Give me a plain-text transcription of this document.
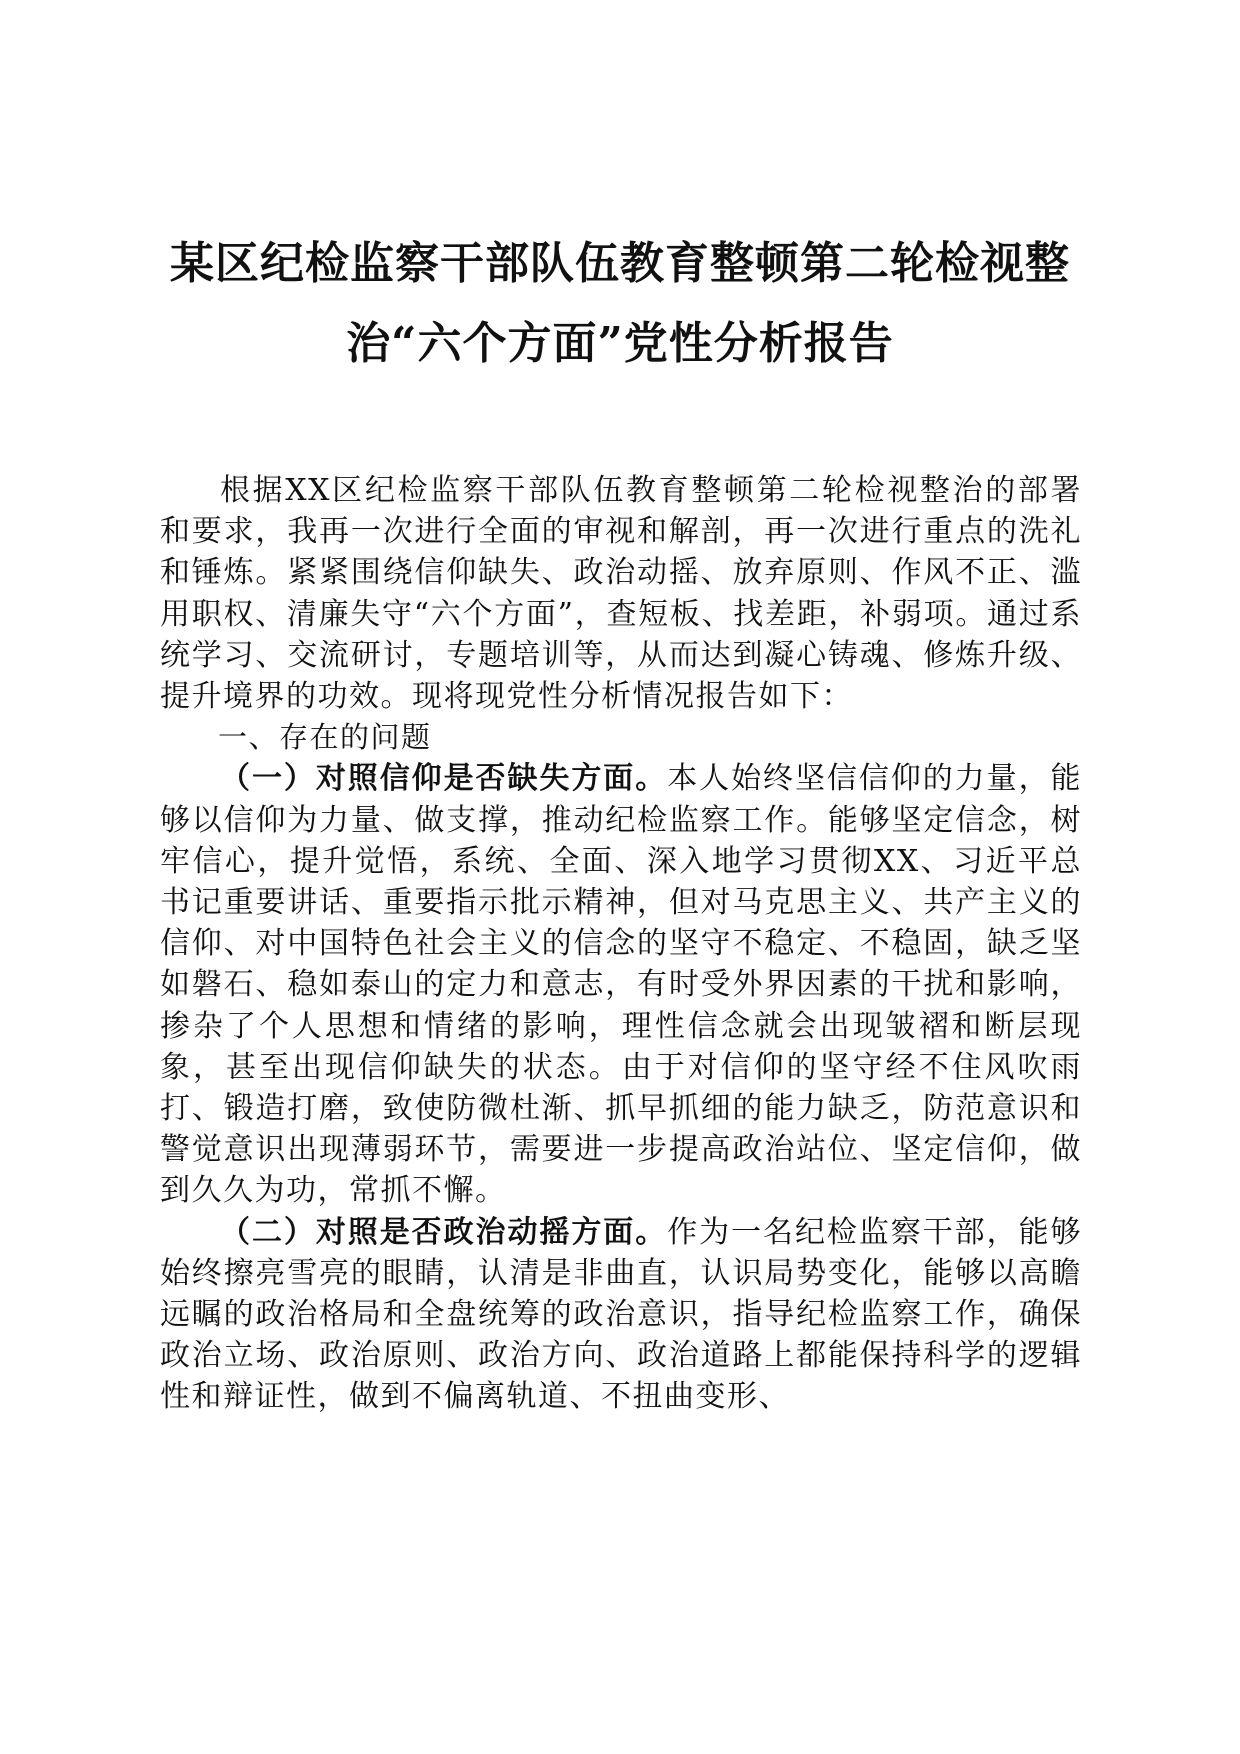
某区纪检监察干部队伍教育整顿第二轮检视整
治“六个方面”党性分析报告

根据XX区纪检监察干部队伍教育整顿第二轮检视整治的部署和要求，我再一次进行全面的审视和解剖，再一次进行重点的洗礼和锤炼。紧紧围绕信仰缺失、政治动摇、放弃原则、作风不正、滥用职权、清廉失守“六个方面”，查短板、找差距，补弱项。通过系统学习、交流研讨，专题培训等，从而达到凝心铸魂、修炼升级、提升境界的功效。现将现党性分析情况报告如下：

一、存在的问题

（一）对照信仰是否缺失方面。本人始终坚信信仰的力量，能够以信仰为力量、做支撑，推动纪检监察工作。能够坚定信念，树牢信心，提升觉悟，系统、全面、深入地学习贯彻XX、习近平总书记重要讲话、重要指示批示精神，但对马克思主义、共产主义的信仰、对中国特色社会主义的信念的坚守不稳定、不稳固，缺乏坚如磐石、稳如泰山的定力和意志，有时受外界因素的干扰和影响，掺杂了个人思想和情绪的影响，理性信念就会出现皱褶和断层现象，甚至出现信仰缺失的状态。由于对信仰的坚守经不住风吹雨打、锻造打磨，致使防微杜渐、抓早抓细的能力缺乏，防范意识和警觉意识出现薄弱环节，需要进一步提高政治站位、坚定信仰，做到久久为功，常抓不懈。

（二）对照是否政治动摇方面。作为一名纪检监察干部，能够始终擦亮雪亮的眼睛，认清是非曲直，认识局势变化，能够以高瞻远瞩的政治格局和全盘统筹的政治意识，指导纪检监察工作，确保政治立场、政治原则、政治方向、政治道路上都能保持科学的逻辑性和辩证性，做到不偏离轨道、不扭曲变形、
